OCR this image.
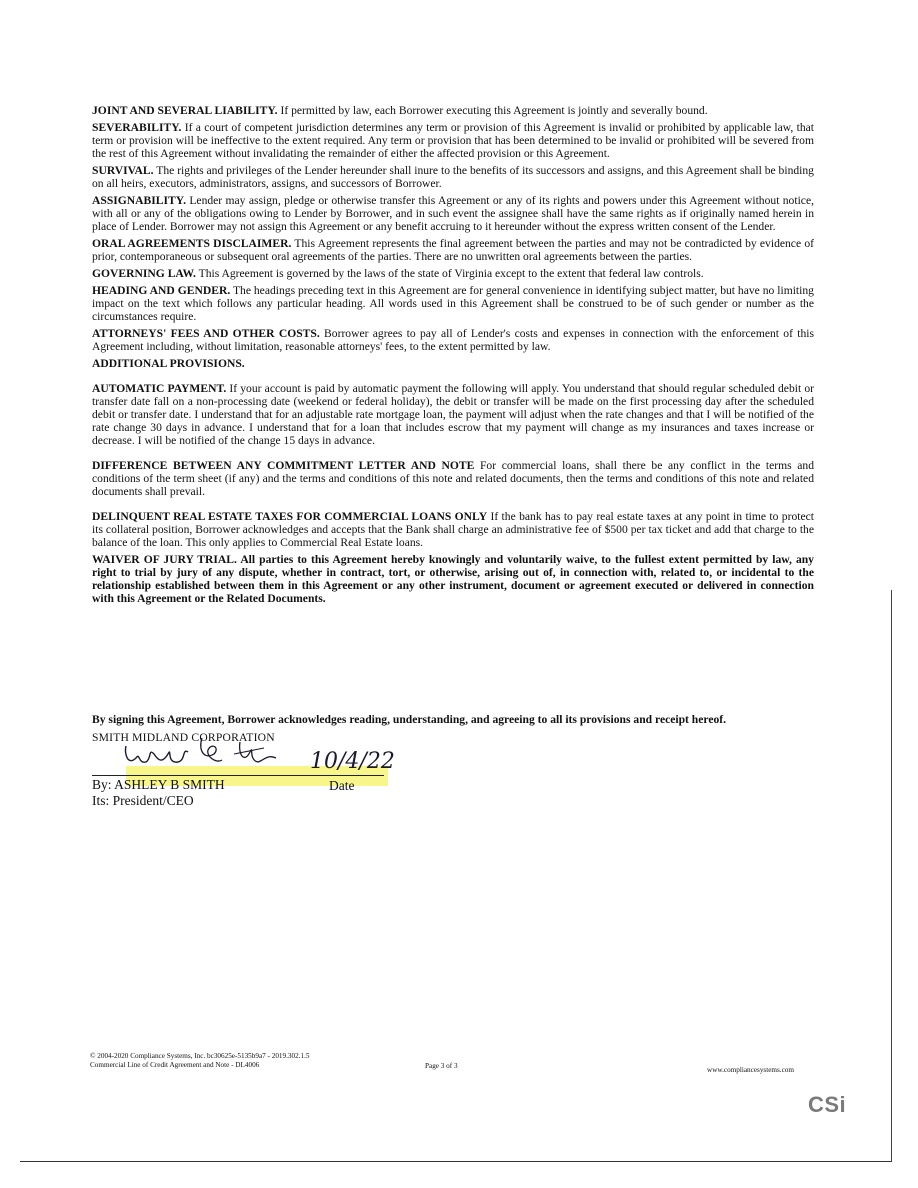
JOINT AND SEVERAL LIABILITY. If permitted by law, each Borrower executing this Agreement is jointly and severally bound.

SEVERABILITY. If a court of competent jurisdiction determines any term or provision of this Agreement is invalid or prohibited by applicable law, that term or provision will be ineffective to the extent required. Any term or provision that has been determined to be invalid or prohibited will be severed from the rest of this Agreement without invalidating the remainder of either the affected provision or this Agreement.

SURVIVAL. The rights and privileges of the Lender hereunder shall inure to the benefits of its successors and assigns, and this Agreement shall be binding on all heirs, executors, administrators, assigns, and successors of Borrower.

ASSIGNABILITY. Lender may assign, pledge or otherwise transfer this Agreement or any of its rights and powers under this Agreement without notice, with all or any of the obligations owing to Lender by Borrower, and in such event the assignee shall have the same rights as if originally named herein in place of Lender. Borrower may not assign this Agreement or any benefit accruing to it hereunder without the express written consent of the Lender.

ORAL AGREEMENTS DISCLAIMER. This Agreement represents the final agreement between the parties and may not be contradicted by evidence of prior, contemporaneous or subsequent oral agreements of the parties. There are no unwritten oral agreements between the parties.

GOVERNING LAW. This Agreement is governed by the laws of the state of Virginia except to the extent that federal law controls.

HEADING AND GENDER. The headings preceding text in this Agreement are for general convenience in identifying subject matter, but have no limiting impact on the text which follows any particular heading. All words used in this Agreement shall be construed to be of such gender or number as the circumstances require.

ATTORNEYS' FEES AND OTHER COSTS. Borrower agrees to pay all of Lender's costs and expenses in connection with the enforcement of this Agreement including, without limitation, reasonable attorneys' fees, to the extent permitted by law.

ADDITIONAL PROVISIONS.

AUTOMATIC PAYMENT. If your account is paid by automatic payment the following will apply. You understand that should regular scheduled debit or transfer date fall on a non-processing date (weekend or federal holiday), the debit or transfer will be made on the first processing day after the scheduled debit or transfer date. I understand that for an adjustable rate mortgage loan, the payment will adjust when the rate changes and that I will be notified of the rate change 30 days in advance. I understand that for a loan that includes escrow that my payment will change as my insurances and taxes increase or decrease. I will be notified of the change 15 days in advance.

DIFFERENCE BETWEEN ANY COMMITMENT LETTER AND NOTE For commercial loans, shall there be any conflict in the terms and conditions of the term sheet (if any) and the terms and conditions of this note and related documents, then the terms and conditions of this note and related documents shall prevail.

DELINQUENT REAL ESTATE TAXES FOR COMMERCIAL LOANS ONLY If the bank has to pay real estate taxes at any point in time to protect its collateral position, Borrower acknowledges and accepts that the Bank shall charge an administrative fee of $500 per tax ticket and add that charge to the balance of the loan. This only applies to Commercial Real Estate loans.

WAIVER OF JURY TRIAL. All parties to this Agreement hereby knowingly and voluntarily waive, to the fullest extent permitted by law, any right to trial by jury of any dispute, whether in contract, tort, or otherwise, arising out of, in connection with, related to, or incidental to the relationship established between them in this Agreement or any other instrument, document or agreement executed or delivered in connection with this Agreement or the Related Documents.

By signing this Agreement, Borrower acknowledges reading, understanding, and agreeing to all its provisions and receipt hereof.
SMITH MIDLAND CORPORATION
10/4/22
By: ASHLEY B SMITH	Date
Its: President/CEO
© 2004-2020 Compliance Systems, Inc. bc30625e-5135b9a7 - 2019.302.1.5
Commercial Line of Credit Agreement and Note - DL4006	Page 3 of 3	www.compliancesystems.com
CSi
